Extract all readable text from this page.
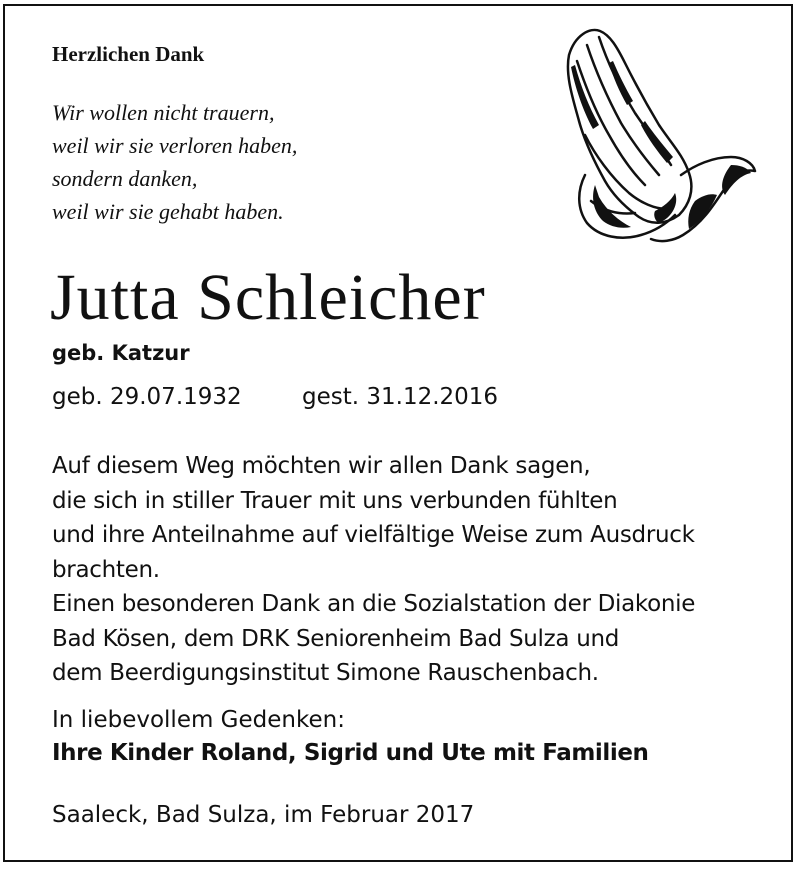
Herzlichen Dank
Wir wollen nicht trauern,
weil wir sie verloren haben,
sondern danken,
weil wir sie gehabt haben.
Jutta Schleicher
geb. Katzur
geb. 29.07.1932	gest. 31.12.2016
Auf diesem Weg möchten wir allen Dank sagen,
die sich in stiller Trauer mit uns verbunden fühlten
und ihre Anteilnahme auf vielfältige Weise zum Ausdruck
brachten.
Einen besonderen Dank an die Sozialstation der Diakonie
Bad Kösen, dem DRK Seniorenheim Bad Sulza und
dem Beerdigungsinstitut Simone Rauschenbach.
In liebevollem Gedenken:
Ihre Kinder Roland, Sigrid und Ute mit Familien
Saaleck, Bad Sulza, im Februar 2017
